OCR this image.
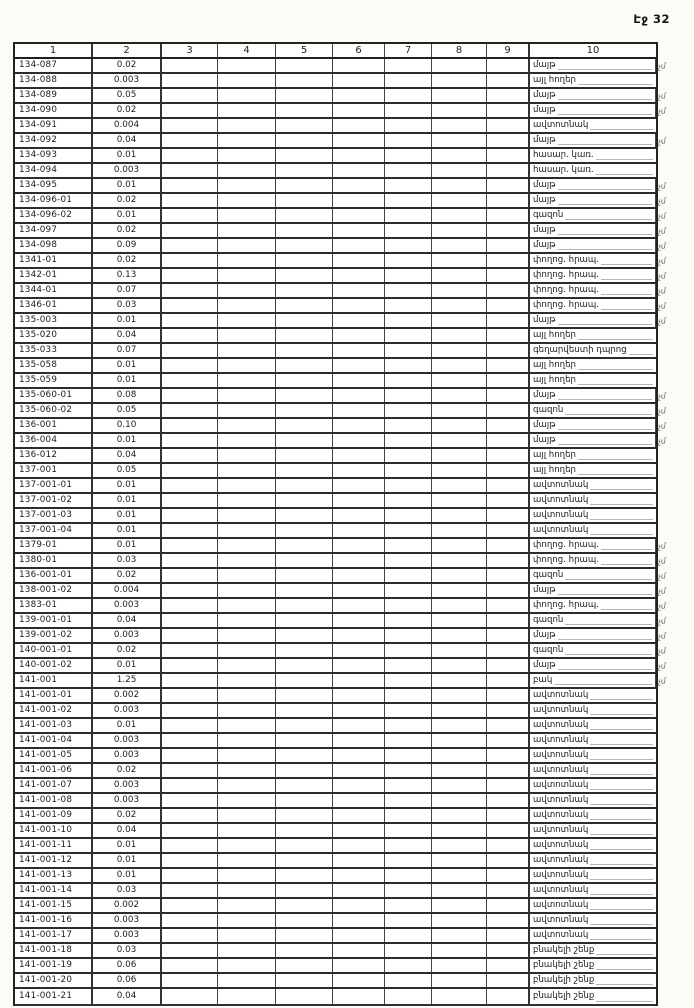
Էջ 32
1	2	3	4	5	6	7	8	9	10
134-087	0.02	մայթ	չմ
134-088	0.003	այլ հողեր
134-089	0.05	մայթ	չմ
134-090	0.02	մայթ	չմ
134-091	0.004	ավտոտնակ
134-092	0.04	մայթ	չմ
134-093	0.01	հասար. կառ.
134-094	0.003	հասար. կառ.
134-095	0.01	մայթ	չմ
134-096-01	0.02	մայթ	չմ
134-096-02	0.01	գազոն	չմ
134-097	0.02	մայթ	չմ
134-098	0.09	մայթ	չմ
1341-01	0.02	փողոց. հրապ.	չմ
1342-01	0.13	փողոց. հրապ.	չմ
1344-01	0.07	փողոց. հրապ.	չմ
1346-01	0.03	փողոց. հրապ.	չմ
135-003	0.01	մայթ	չմ
135-020	0.04	այլ հողեր
135-033	0.07	գեղարվեստի դպրոց
135-058	0.01	այլ հողեր
135-059	0.01	այլ հողեր
135-060-01	0.08	մայթ	չմ
135-060-02	0.05	գազոն	չմ
136-001	0.10	մայթ	չմ
136-004	0.01	մայթ	չմ
136-012	0.04	այլ հողեր
137-001	0.05	այլ հողեր
137-001-01	0.01	ավտոտնակ
137-001-02	0.01	ավտոտնակ
137-001-03	0.01	ավտոտնակ
137-001-04	0.01	ավտոտնակ
1379-01	0.01	փողոց. հրապ.	չմ
1380-01	0.03	փողոց. հրապ.	չմ
136-001-01	0.02	գազոն	չմ
138-001-02	0.004	մայթ	չմ
1383-01	0.003	փողոց. հրապ.	չմ
139-001-01	0.04	գազոն	չմ
139-001-02	0.003	մայթ	չմ
140-001-01	0.02	գազոն	չմ
140-001-02	0.01	մայթ	չմ
141-001	1.25	բակ	չմ
141-001-01	0.002	ավտոտնակ
141-001-02	0.003	ավտոտնակ
141-001-03	0.01	ավտոտնակ
141-001-04	0.003	ավտոտնակ
141-001-05	0.003	ավտոտնակ
141-001-06	0.02	ավտոտնակ
141-001-07	0.003	ավտոտնակ
141-001-08	0.003	ավտոտնակ
141-001-09	0.02	ավտոտնակ
141-001-10	0.04	ավտոտնակ
141-001-11	0.01	ավտոտնակ
141-001-12	0.01	ավտոտնակ
141-001-13	0.01	ավտոտնակ
141-001-14	0.03	ավտոտնակ
141-001-15	0.002	ավտոտնակ
141-001-16	0.003	ավտոտնակ
141-001-17	0.003	ավտոտնակ
141-001-18	0.03	բնակելի շենք
141-001-19	0.06	բնակելի շենք
141-001-20	0.06	բնակելի շենք
141-001-21	0.04	բնակելի շենք
